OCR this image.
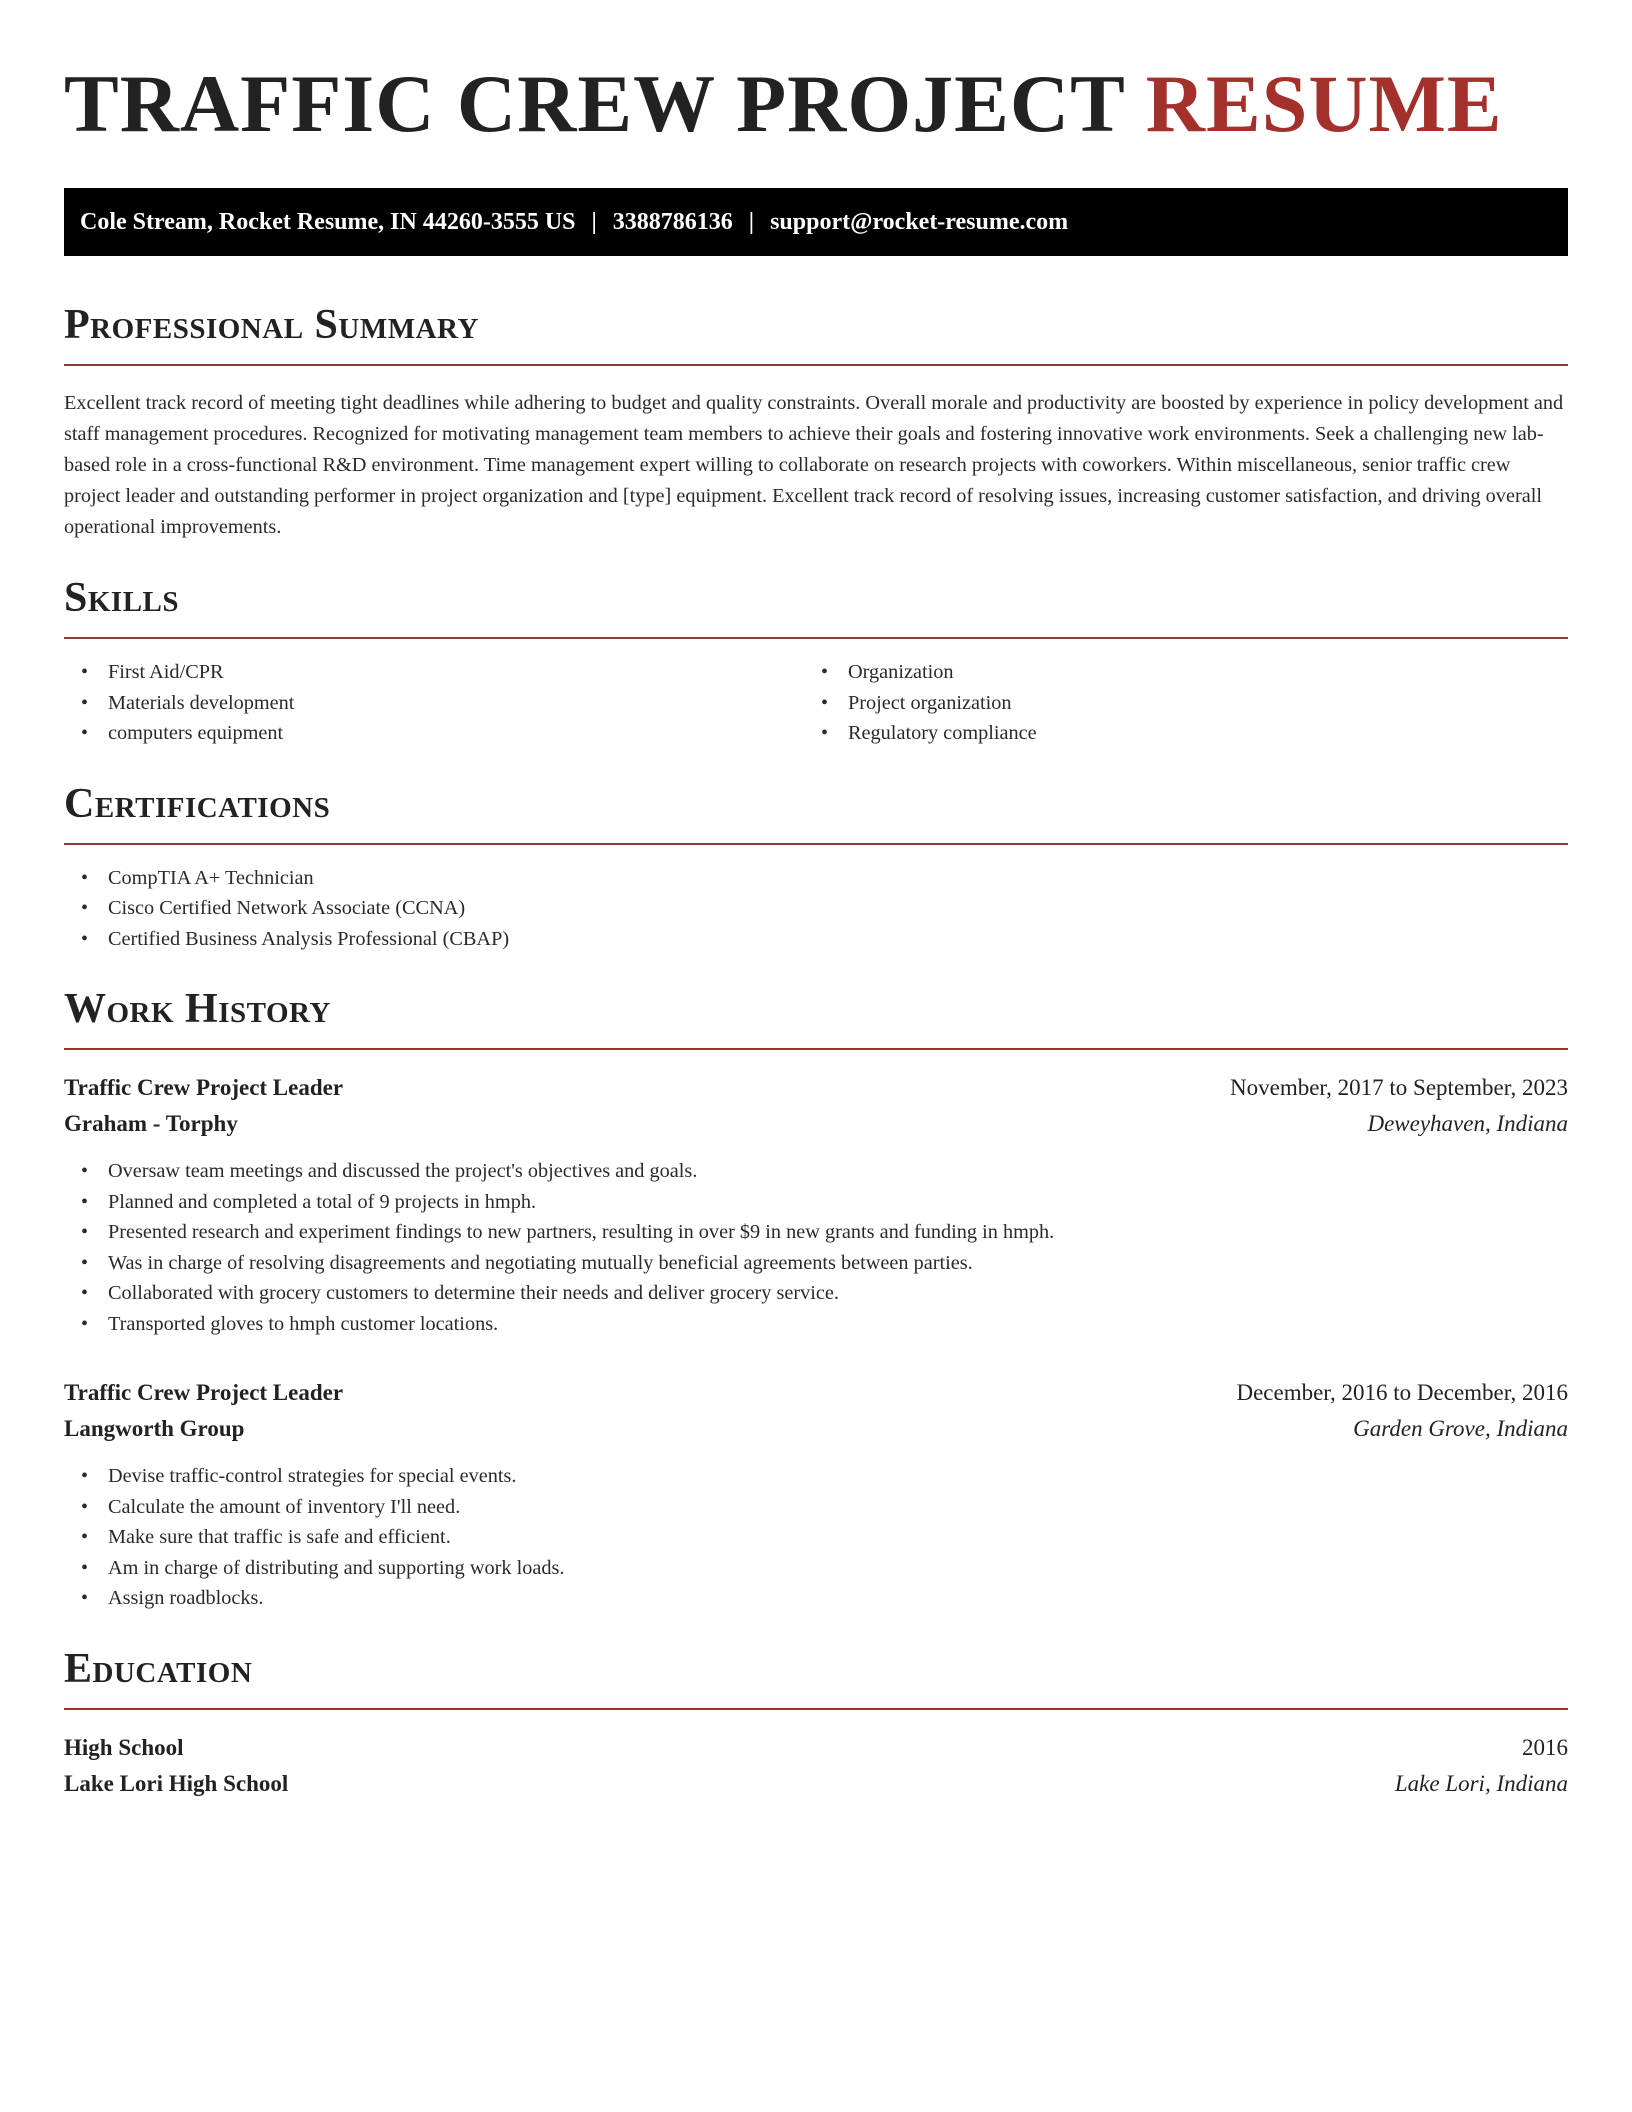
TRAFFIC CREW PROJECT RESUME
Cole Stream, Rocket Resume, IN 44260-3555 US | 3388786136 | support@rocket-resume.com
Professional Summary

Excellent track record of meeting tight deadlines while adhering to budget and quality constraints. Overall morale and productivity are boosted by experience in policy development and staff management procedures. Recognized for motivating management team members to achieve their goals and fostering innovative work environments. Seek a challenging new lab-based role in a cross-functional R&D environment. Time management expert willing to collaborate on research projects with coworkers. Within miscellaneous, senior traffic crew project leader and outstanding performer in project organization and [type] equipment. Excellent track record of resolving issues, increasing customer satisfaction, and driving overall operational improvements.

Skills
• First Aid/CPR
• Materials development
• computers equipment
• Organization
• Project organization
• Regulatory compliance
Certifications
• CompTIA A+ Technician
• Cisco Certified Network Associate (CCNA)
• Certified Business Analysis Professional (CBAP)
Work History
Traffic Crew Project Leader	November, 2017 to September, 2023
Graham - Torphy	Deweyhaven, Indiana
• Oversaw team meetings and discussed the project's objectives and goals.
• Planned and completed a total of 9 projects in hmph.
• Presented research and experiment findings to new partners, resulting in over $9 in new grants and funding in hmph.
• Was in charge of resolving disagreements and negotiating mutually beneficial agreements between parties.
• Collaborated with grocery customers to determine their needs and deliver grocery service.
• Transported gloves to hmph customer locations.
Traffic Crew Project Leader	December, 2016 to December, 2016
Langworth Group	Garden Grove, Indiana
• Devise traffic-control strategies for special events.
• Calculate the amount of inventory I'll need.
• Make sure that traffic is safe and efficient.
• Am in charge of distributing and supporting work loads.
• Assign roadblocks.
Education
High School	2016
Lake Lori High School	Lake Lori, Indiana
